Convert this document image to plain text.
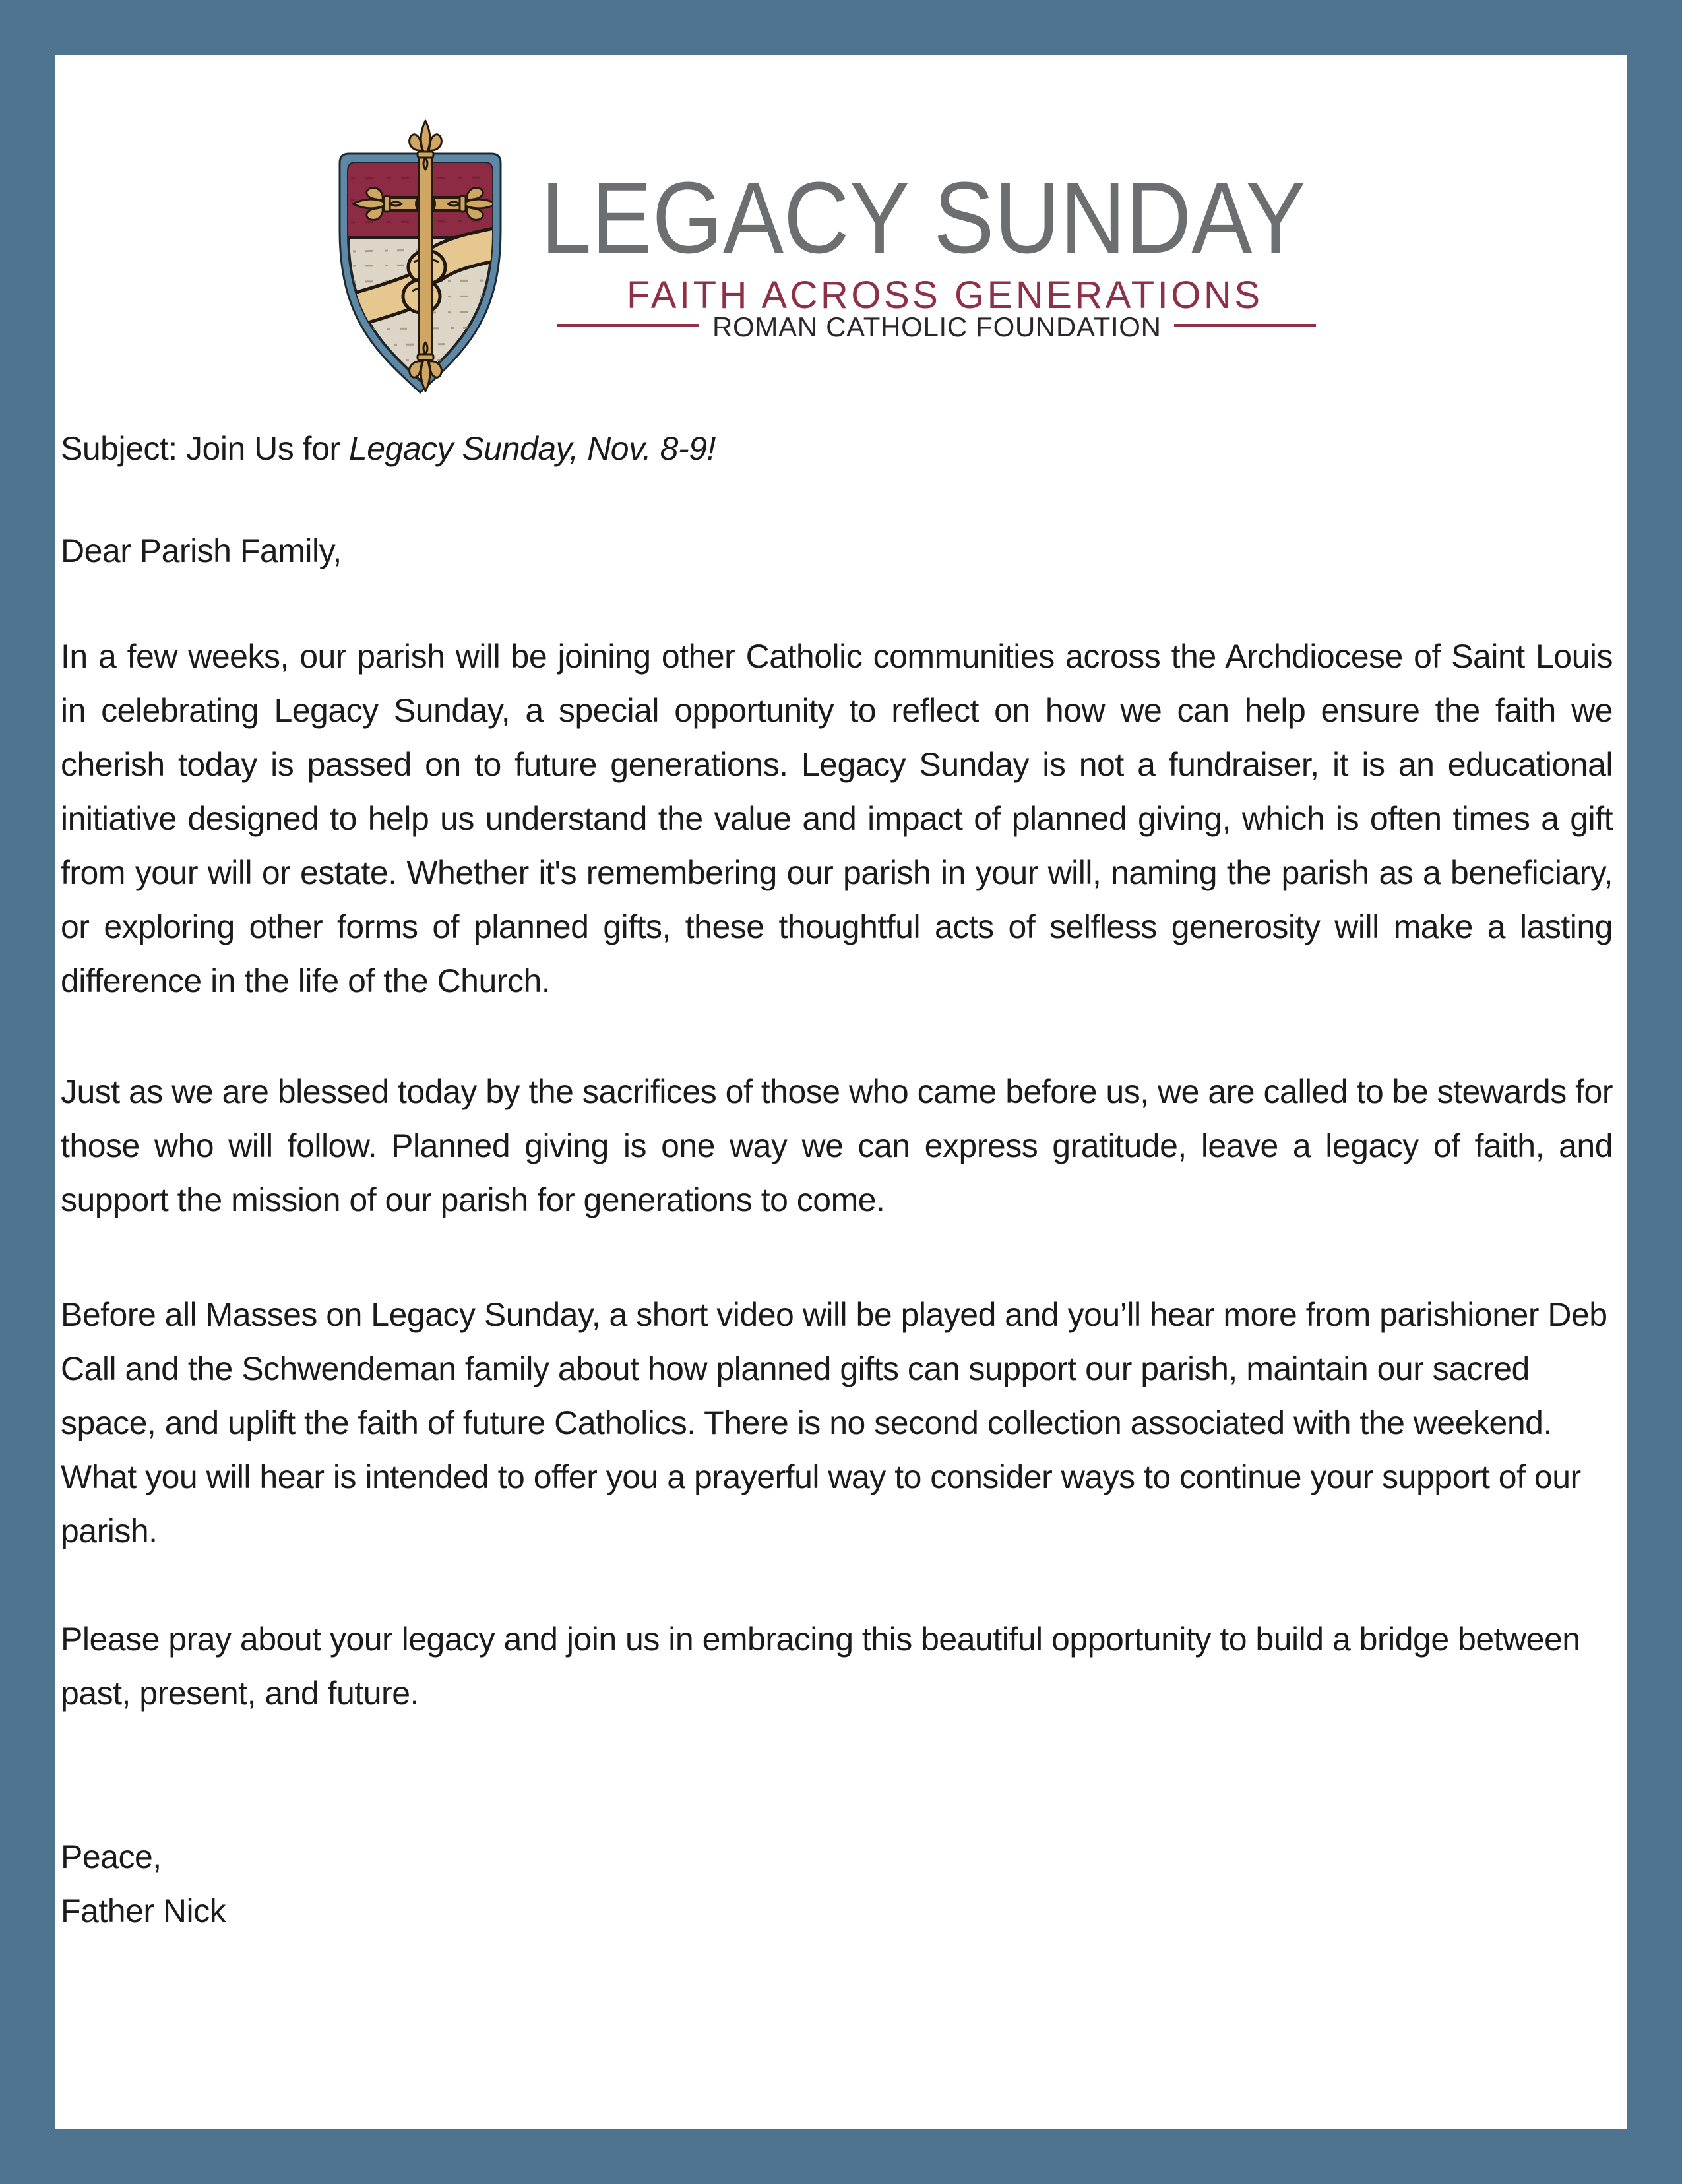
LEGACY SUNDAY
FAITH ACROSS GENERATIONS
ROMAN CATHOLIC FOUNDATION

Subject: Join Us for Legacy Sunday, Nov. 8-9!

Dear Parish Family,

In a few weeks, our parish will be joining other Catholic communities across the Archdiocese of Saint Louis in celebrating Legacy Sunday, a special opportunity to reflect on how we can help ensure the faith we cherish today is passed on to future generations. Legacy Sunday is not a fundraiser, it is an educational initiative designed to help us understand the value and impact of planned giving, which is often times a gift from your will or estate. Whether it's remembering our parish in your will, naming the parish as a beneficiary, or exploring other forms of planned gifts, these thoughtful acts of selfless generosity will make a lasting difference in the life of the Church.

Just as we are blessed today by the sacrifices of those who came before us, we are called to be stewards for those who will follow. Planned giving is one way we can express gratitude, leave a legacy of faith, and support the mission of our parish for generations to come.

Before all Masses on Legacy Sunday, a short video will be played and you’ll hear more from parishioner Deb Call and the Schwendeman family about how planned gifts can support our parish, maintain our sacred space, and uplift the faith of future Catholics. There is no second collection associated with the weekend. What you will hear is intended to offer you a prayerful way to consider ways to continue your support of our parish.

Please pray about your legacy and join us in embracing this beautiful opportunity to build a bridge between past, present, and future.

Peace,

Father Nick
